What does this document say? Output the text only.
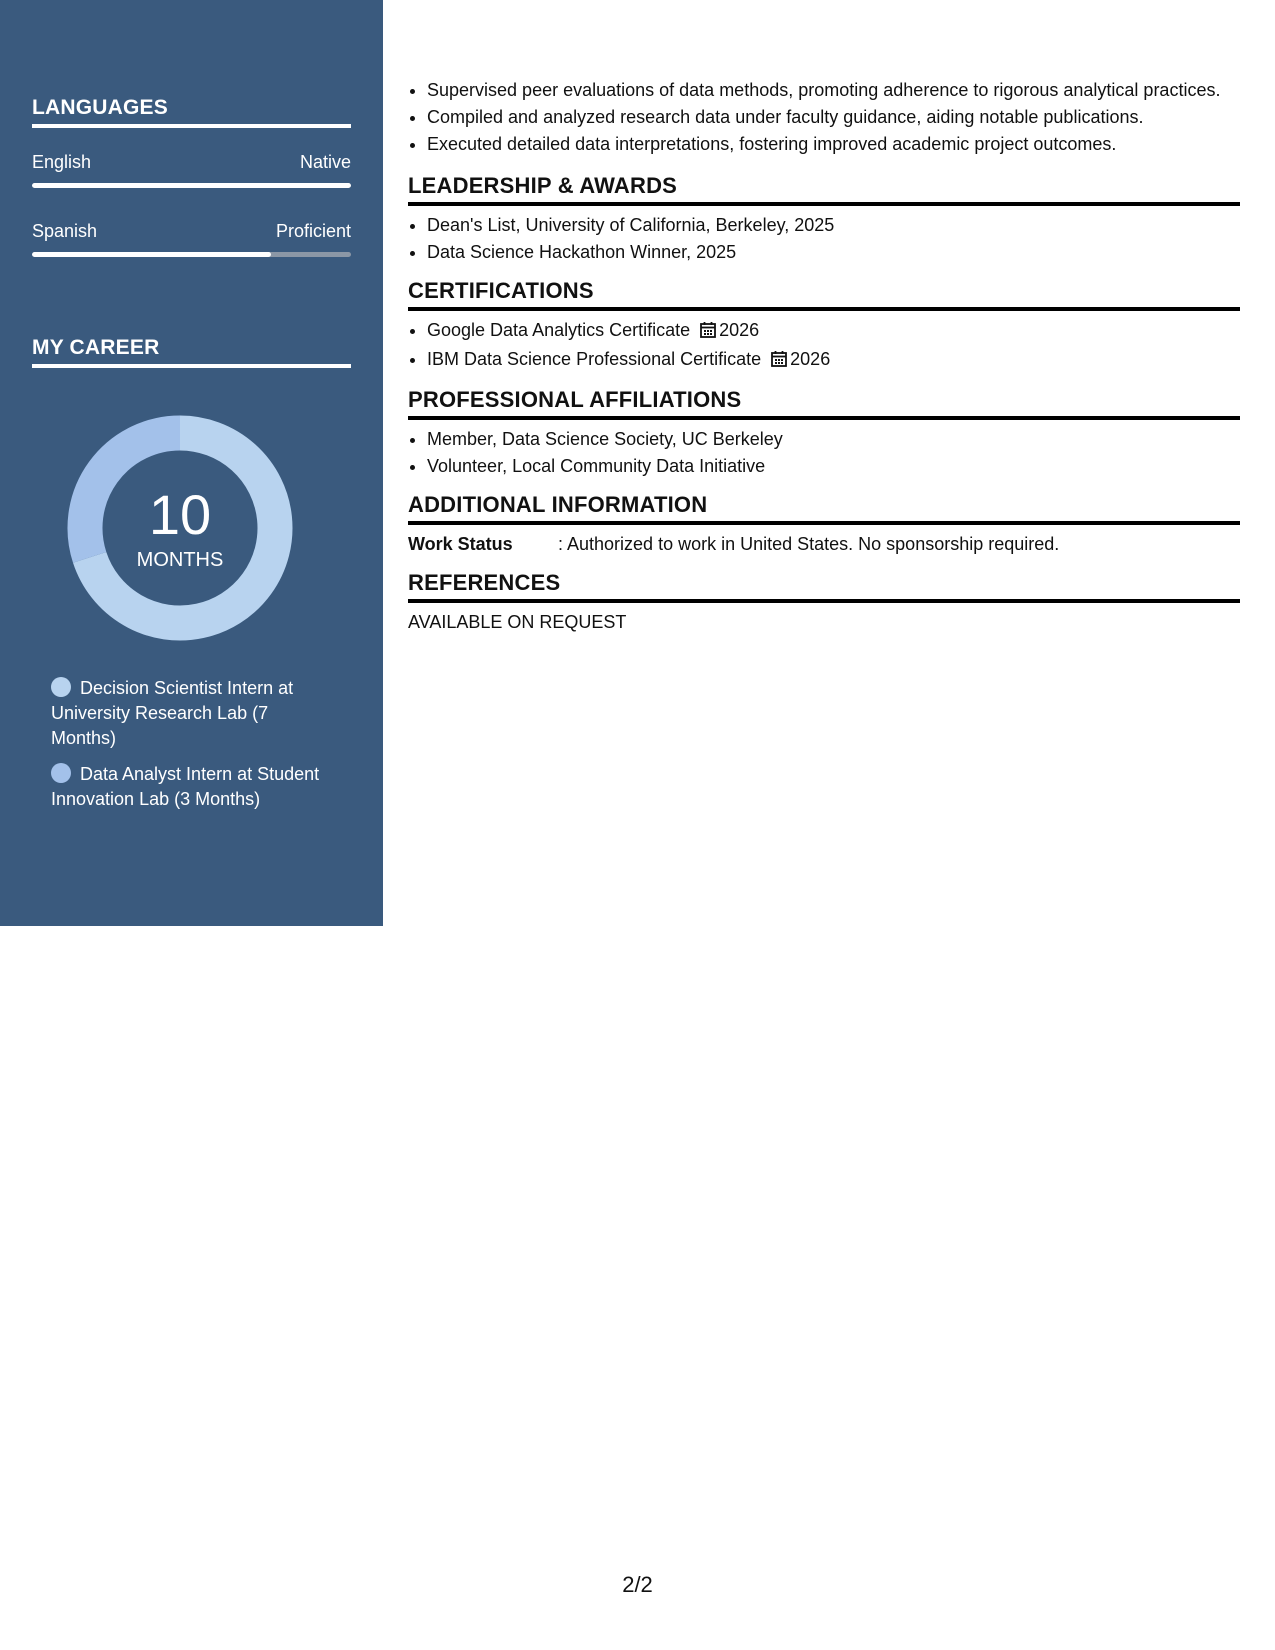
LANGUAGES
English	Native
Spanish	Proficient
MY CAREER
10
MONTHS
Decision Scientist Intern at University Research Lab (7 Months)
Data Analyst Intern at Student Innovation Lab (3 Months)
• Supervised peer evaluations of data methods, promoting adherence to rigorous analytical practices.
• Compiled and analyzed research data under faculty guidance, aiding notable publications.
• Executed detailed data interpretations, fostering improved academic project outcomes.
LEADERSHIP & AWARDS
• Dean's List, University of California, Berkeley, 2025
• Data Science Hackathon Winner, 2025
CERTIFICATIONS
• Google Data Analytics Certificate 2026
• IBM Data Science Professional Certificate 2026
PROFESSIONAL AFFILIATIONS
• Member, Data Science Society, UC Berkeley
• Volunteer, Local Community Data Initiative
ADDITIONAL INFORMATION
Work Status	: Authorized to work in United States. No sponsorship required.
REFERENCES
AVAILABLE ON REQUEST
2/2
